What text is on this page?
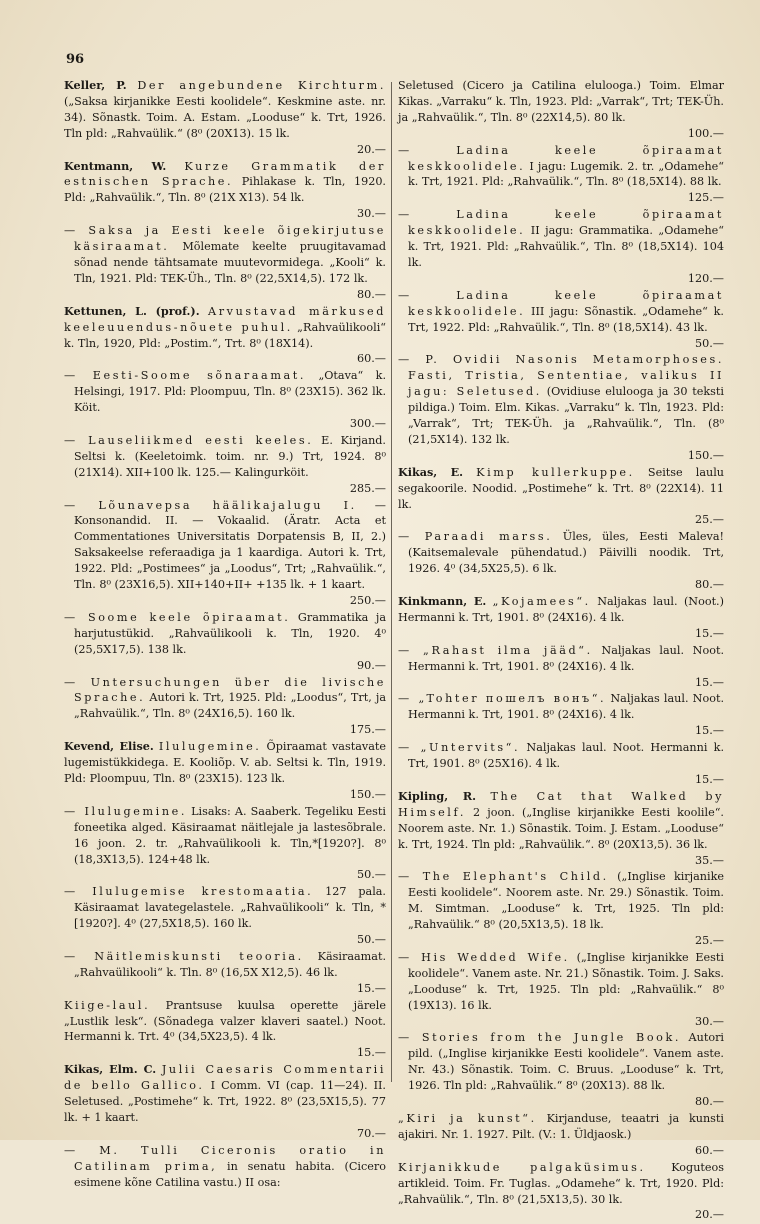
96
Keller, P. Der angebundene Kirchturm. („Saksa kirjanikke Eesti koolidele“. Keskmine aste. nr. 34). Sõnastk. Toim. A. Estam. „Looduse“ k. Trt, 1926. Tln pld: „Rahvaülik.“ (8⁰ (20X13). 15 lk.
20.—
Kentmann, W. Kurze Grammatik der estnischen Sprache. Pihlakase k. Tln, 1920. Pld: „Rahvaülik.“, Tln. 8⁰ (21X X13). 54 lk.
30.—
— Saksa ja Eesti keele õigekirjutuse käsiraamat. Mõlemate keelte pruugitavamad sõnad nende tähtsamate muutevormidega. „Kooli“ k. Tln, 1921. Pld: TEK-Üh., Tln. 8⁰ (22,5X14,5). 172 lk.
80.—
Kettunen, L. (prof.). Arvustavad märkused keeleuuendus-nõuete puhul. „Rahvaülikooli“ k. Tln, 1920, Pld: „Postim.“, Trt. 8⁰ (18X14).
60.—
— Eesti-Soome sõnaraamat. „Otava“ k. Helsingi, 1917. Pld: Ploompuu, Tln. 8⁰ (23X15). 362 lk. Köit.
300.—
— Lauseliikmed eesti keeles. E. Kirjand. Seltsi k. (Keeletoimk. toim. nr. 9.) Trt, 1924. 8⁰ (21X14). XII+100 lk. 125.— Kalingurköit.
285.—
— Lõunavepsa häälikajalugu I. — Konsonandid. II. — Vokaalid. (Äratr. Acta et Commentationes Universitatis Dorpatensis B, II, 2.) Saksakeelse referaadiga ja 1 kaardiga. Autori k. Trt, 1922. Pld: „Postimees“ ja „Loodus“, Trt; „Rahvaülik.“, Tln. 8⁰ (23X16,5). XII+140+II+ +135 lk. + 1 kaart.
250.—
— Soome keele õpiraamat. Grammatika ja harjutustükid. „Rahvaülikooli k. Tln, 1920. 4⁰ (25,5X17,5). 138 lk.
90.—
— Untersuchungen über die livische Sprache. Autori k. Trt, 1925. Pld: „Loodus“, Trt, ja „Rahvaülik.“, Tln. 8⁰ (24X16,5). 160 lk.
175.—
Kevend, Elise. Ilulugemine. Õpiraamat vastavate lugemistükkidega. E. Kooliõp. V. ab. Seltsi k. Tln, 1919. Pld: Ploompuu, Tln. 8⁰ (23X15). 123 lk.
150.—
— Ilulugemine. Lisaks: A. Saaberk. Tegeliku Eesti foneetika alged. Käsiraamat näitlejale ja lastesõbrale. 16 joon. 2. tr. „Rahvaülikooli k. Tln,*[1920?]. 8⁰ (18,3X13,5). 124+48 lk.
50.—
— Ilulugemise krestomaatia. 127 pala. Käsiraamat lavategelastele. „Rahvaülikooli“ k. Tln, *[1920?]. 4⁰ (27,5X18,5). 160 lk.
50.—
— Näitlemiskunsti teooria. Käsiraamat. „Rahvaülikooli“ k. Tln. 8⁰ (16,5X X12,5). 46 lk.
15.—
Kiige-laul. Prantsuse kuulsa operette järele „Lustlik lesk“. (Sõnadega valzer klaveri saatel.) Noot. Hermanni k. Trt. 4⁰ (34,5X23,5). 4 lk.
15.—
Kikas, Elm. C. Julii Caesaris Commentarii de bello Gallico. I Comm. VI (cap. 11—24). II. Seletused. „Postimehe“ k. Trt, 1922. 8⁰ (23,5X15,5). 77 lk. + 1 kaart.
70.—
— M. Tulli Ciceronis oratio in Catilinam prima, in senatu habita. (Cicero esimene kõne Catilina vastu.) II osa:
Seletused (Cicero ja Catilina elulooga.) Toim. Elmar Kikas. „Varraku“ k. Tln, 1923. Pld: „Varrak“, Trt; TEK-Üh. ja „Rahvaülik.“, Tln. 8⁰ (22X14,5). 80 lk.
100.—
— Ladina keele õpiraamat keskkoolidele. I jagu: Lugemik. 2. tr. „Odamehe“ k. Trt, 1921. Pld: „Rahvaülik.“, Tln. 8⁰ (18,5X14). 88 lk.
125.—
— Ladina keele õpiraamat keskkoolidele. II jagu: Grammatika. „Odamehe“ k. Trt, 1921. Pld: „Rahvaülik.“, Tln. 8⁰ (18,5X14). 104 lk.
120.—
— Ladina keele õpiraamat keskkoolidele. III jagu: Sõnastik. „Odamehe“ k. Trt, 1922. Pld: „Rahvaülik.“, Tln. 8⁰ (18,5X14). 43 lk.
50.—
— P. Ovidii Nasonis Metamorphoses. Fasti, Tristia, Sententiae, valikus II jagu: Seletused. (Ovidiuse elulooga ja 30 teksti pildiga.) Toim. Elm. Kikas. „Varraku“ k. Tln, 1923. Pld: „Varrak“, Trt; TEK-Üh. ja „Rahvaülik.“, Tln. (8⁰ (21,5X14). 132 lk.
150.—
Kikas, E. Kimp kullerkuppe. Seitse laulu segakoorile. Noodid. „Postimehe“ k. Trt. 8⁰ (22X14). 11 lk.
25.—
— Paraadi marss. Üles, üles, Eesti Maleva! (Kaitsemalevale pühendatud.) Päivilli noodik. Trt, 1926. 4⁰ (34,5X25,5). 6 lk.
80.—
Kinkmann, E. „Kojamees“. Naljakas laul. (Noot.) Hermanni k. Trt, 1901. 8⁰ (24X16). 4 lk.
15.—
— „Rahast ilma jääd“. Naljakas laul. Noot. Hermanni k. Trt, 1901. 8⁰ (24X16). 4 lk.
15.—
— „Tohter пошелъ вонъ“. Naljakas laul. Noot. Hermanni k. Trt, 1901. 8⁰ (24X16). 4 lk.
15.—
— „Untervits“. Naljakas laul. Noot. Hermanni k. Trt, 1901. 8⁰ (25X16). 4 lk.
15.—
Kipling, R. The Cat that Walked by Himself. 2 joon. („Inglise kirjanikke Eesti koolile“. Noorem aste. Nr. 1.) Sõnastik. Toim. J. Estam. „Looduse“ k. Trt, 1924. Tln pld: „Rahvaülik.“. 8⁰ (20X13,5). 36 lk.
35.—
— The Elephant's Child. („Inglise kirjanike Eesti koolidele“. Noorem aste. Nr. 29.) Sõnastik. Toim. M. Simtman. „Looduse“ k. Trt, 1925. Tln pld: „Rahvaülik.“ 8⁰ (20,5X13,5). 18 lk.
25.—
— His Wedded Wife. („Inglise kirjanikke Eesti koolidele“. Vanem aste. Nr. 21.) Sõnastik. Toim. J. Saks. „Looduse“ k. Trt, 1925. Tln pld: „Rahvaülik.“ 8⁰ (19X13). 16 lk.
30.—
— Stories from the Jungle Book. Autori pild. („Inglise kirjanikke Eesti koolidele“. Vanem aste. Nr. 43.) Sõnastik. Toim. C. Bruus. „Looduse“ k. Trt, 1926. Tln pld: „Rahvaülik.“ 8⁰ (20X13). 88 lk.
80.—
„Kiri ja kunst“. Kirjanduse, teaatri ja kunsti ajakiri. Nr. 1. 1927. Pilt. (V.: 1. Üldjaosk.)
60.—
Kirjanikkude palgaküsimus. Koguteos artikleid. Toim. Fr. Tuglas. „Odamehe“ k. Trt, 1920. Pld: „Rahvaülik.“, Tln. 8⁰ (21,5X13,5). 30 lk.
20.—
